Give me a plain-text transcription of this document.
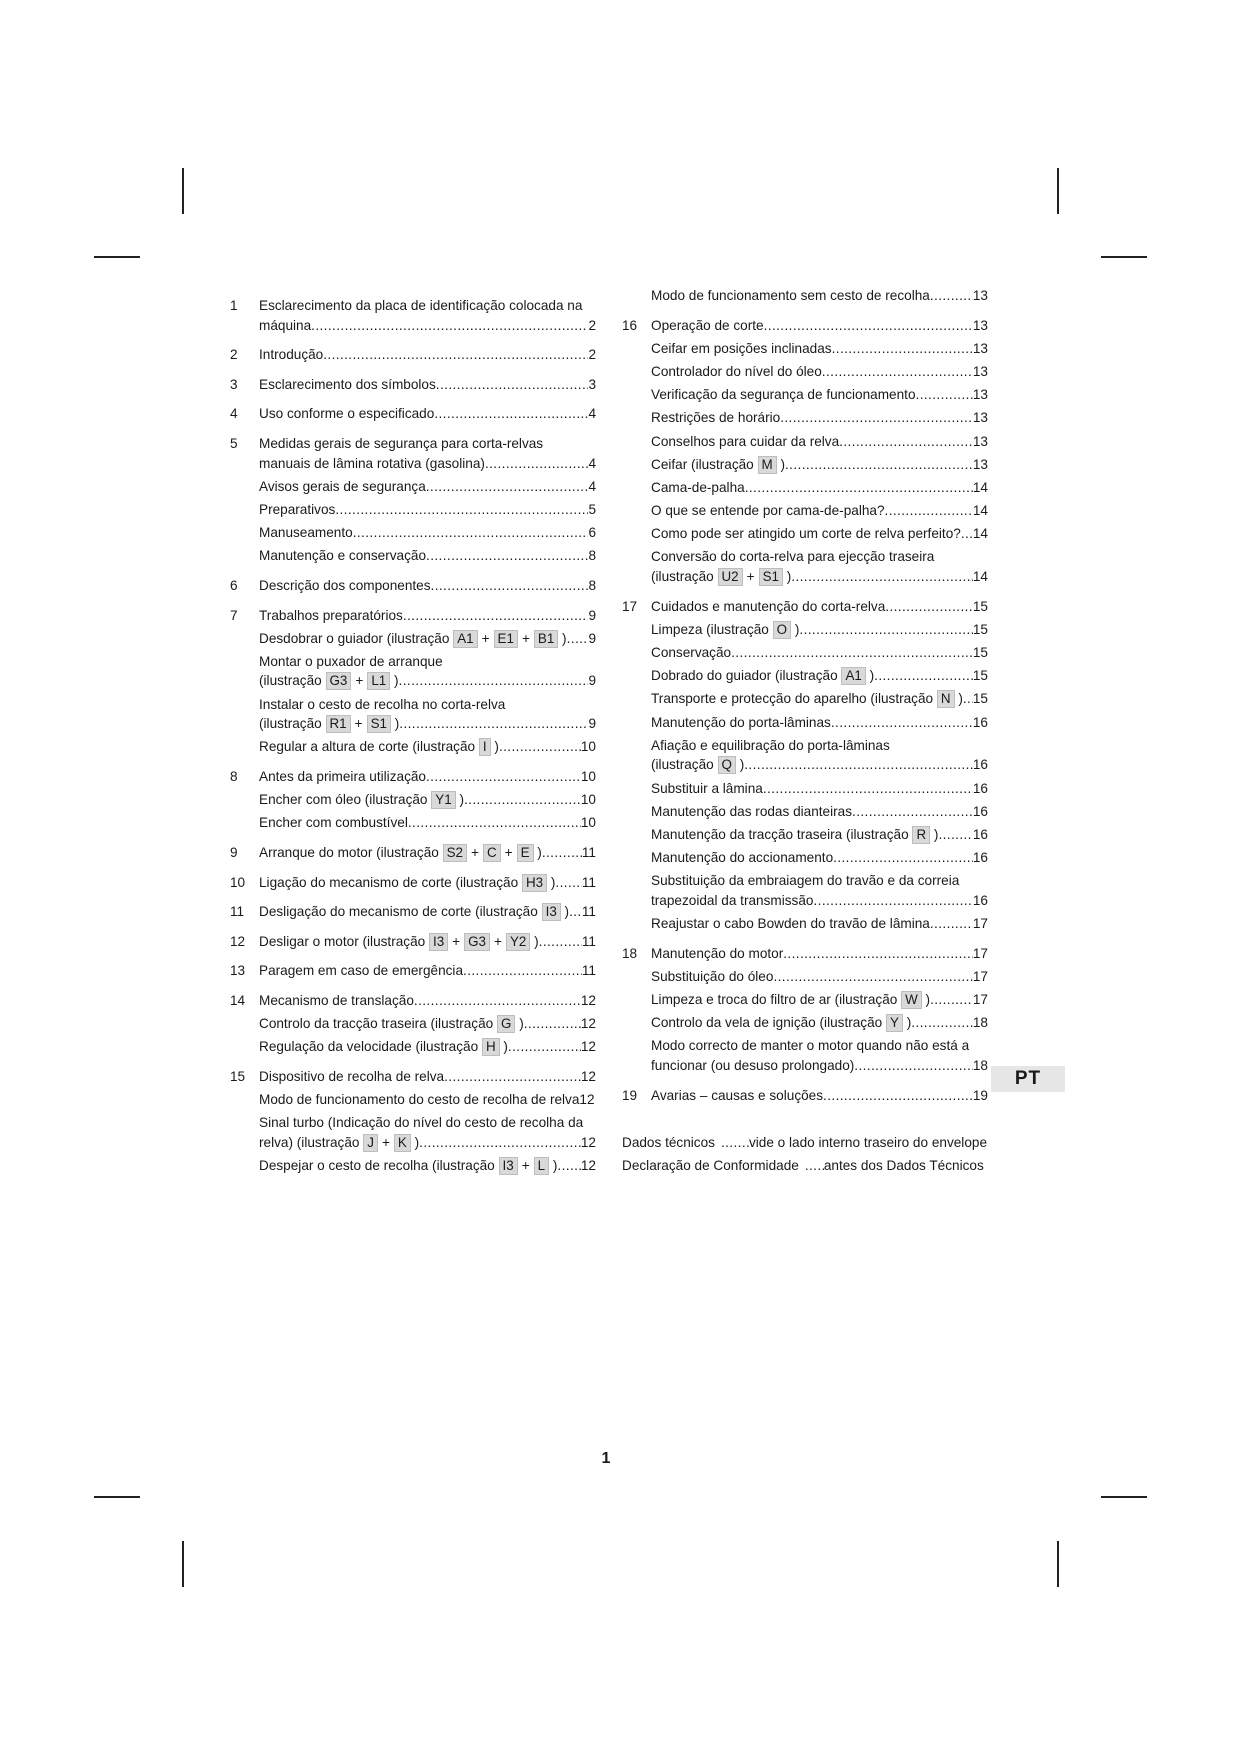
1	Esclarecimento da placa de identificação colocada na
máquina .....	2
2	Introdução .....	2
3	Esclarecimento dos símbolos .....	3
4	Uso conforme o especificado .....	4
5	Medidas gerais de segurança para corta-relvas
manuais de lâmina rotativa (gasolina) .....	4
Avisos gerais de segurança .....	4
Preparativos .....	5
Manuseamento .....	6
Manutenção e conservação .....	8
6	Descrição dos componentes .....	8
7	Trabalhos preparatórios .....	9
Desdobrar o guiador (ilustração A1 + E1 + B1 ) ..... 9
Montar o puxador de arranque
(ilustração G3 + L1 ) .....	9
Instalar o cesto de recolha no corta-relva
(ilustração R1 + S1 ) .....	9
Regular a altura de corte (ilustração I ) .....	10
8	Antes da primeira utilização .....	10
Encher com óleo (ilustração Y1 ) .....	10
Encher com combustível .....	10
9	Arranque do motor (ilustração S2 + C + E ) .....	11
10	Ligação do mecanismo de corte (ilustração H3 ) ..... 11
11	Desligação do mecanismo de corte (ilustração I3 ) ..... 11
12	Desligar o motor (ilustração I3 + G3 + Y2 ) .....	11
13	Paragem em caso de emergência .....	11
14	Mecanismo de translação .....	12
Controlo da tracção traseira (ilustração G ) .....	12
Regulação da velocidade (ilustração H ) .....	12
15	Dispositivo de recolha de relva .....	12
Modo de funcionamento do cesto de recolha de relva 12
Sinal turbo (Indicação do nível do cesto de recolha da
relva) (ilustração J + K ) .....	12
Despejar o cesto de recolha (ilustração I3 + L ) ..... 12
Modo de funcionamento sem cesto de recolha .....	13
16	Operação de corte .....	13
Ceifar em posições inclinadas .....	13
Controlador do nível do óleo .....	13
Verificação da segurança de funcionamento .....	13
Restrições de horário .....	13
Conselhos para cuidar da relva .....	13
Ceifar (ilustração M ) .....	13
Cama-de-palha .....	14
O que se entende por cama-de-palha? .....	14
Como pode ser atingido um corte de relva perfeito? ..... 14
Conversão do corta-relva para ejecção traseira
(ilustração U2 + S1 ) .....	14
17	Cuidados e manutenção do corta-relva .....	15
Limpeza (ilustração O ) .....	15
Conservação .....	15
Dobrado do guiador (ilustração A1 ) .....	15
Transporte e protecção do aparelho (ilustração N ) ..... 15
Manutenção do porta-lâminas .....	16
Afiação e equilibração do porta-lâminas
(ilustração Q ) .....	16
Substituir a lâmina .....	16
Manutenção das rodas dianteiras .....	16
Manutenção da tracção traseira (ilustração R ) .....	16
Manutenção do accionamento .....	16
Substituição da embraiagem do travão e da correia
trapezoidal da transmissão .....	16
Reajustar o cabo Bowden do travão de lâmina .....	17
18	Manutenção do motor .....	17
Substituição do óleo .....	17
Limpeza e troca do filtro de ar (ilustração W ) .....	17
Controlo da vela de ignição (ilustração Y ) .....	18
Modo correcto de manter o motor quando não está a
funcionar (ou desuso prolongado) .....	18
19	Avarias – causas e soluções .....	19
Dados técnicos .....	vide o lado interno traseiro do envelope
Declaração de Conformidade ..... antes dos Dados Técnicos
PT
1
